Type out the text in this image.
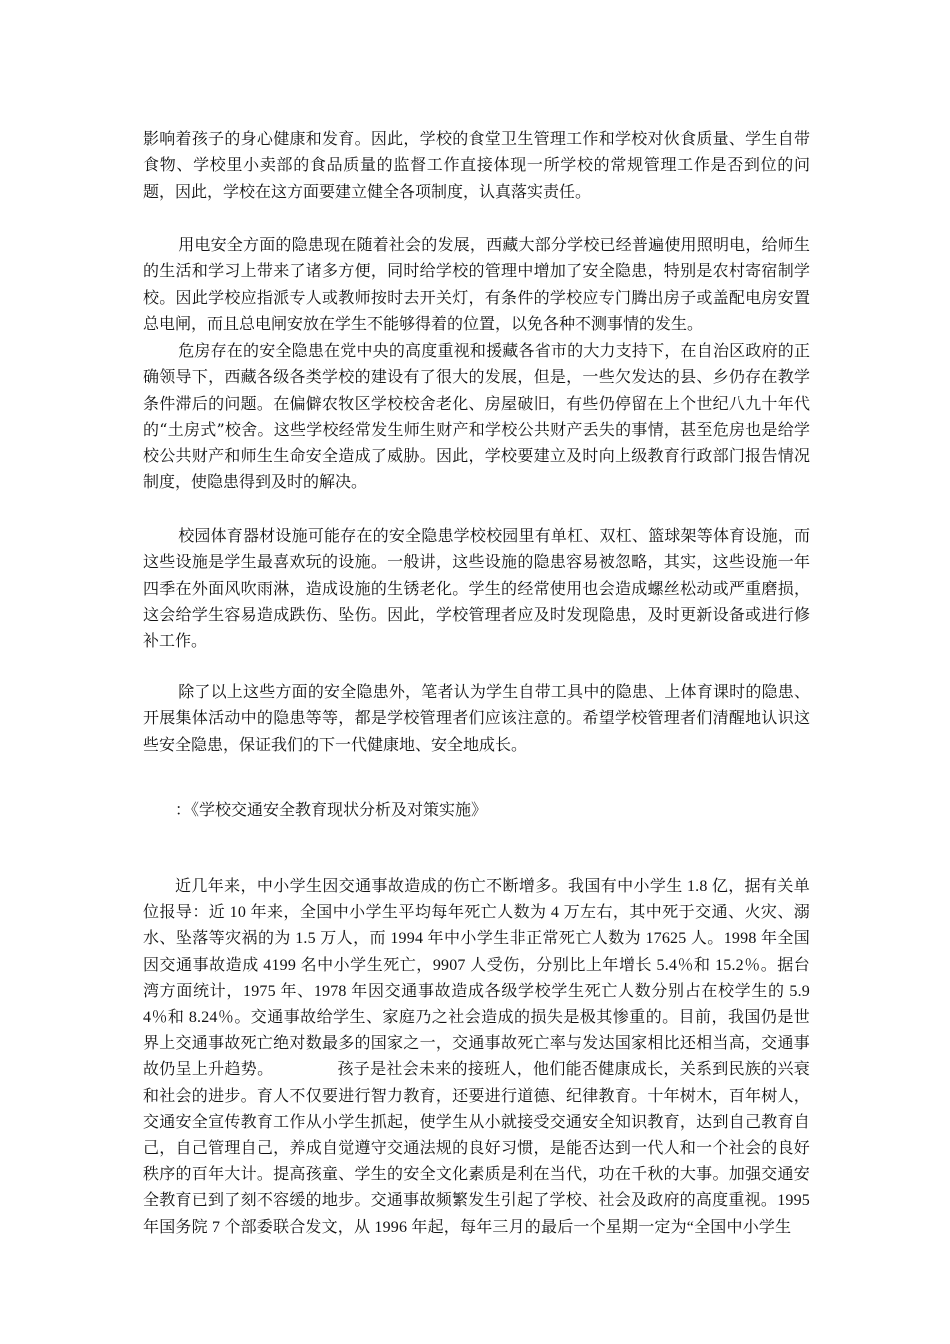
影响着孩子的身心健康和发育。因此，学校的食堂卫生管理工作和学校对伙食质量、学生自带食物、学校里小卖部的食品质量的监督工作直接体现一所学校的常规管理工作是否到位的问题，因此，学校在这方面要建立健全各项制度，认真落实责任。

用电安全方面的隐患现在随着社会的发展，西藏大部分学校已经普遍使用照明电，给师生的生活和学习上带来了诸多方便，同时给学校的管理中增加了安全隐患，特别是农村寄宿制学校。因此学校应指派专人或教师按时去开关灯，有条件的学校应专门腾出房子或盖配电房安置总电闸，而且总电闸安放在学生不能够得着的位置，以免各种不测事情的发生。

危房存在的安全隐患在党中央的高度重视和援藏各省市的大力支持下，在自治区政府的正确领导下，西藏各级各类学校的建设有了很大的发展，但是，一些欠发达的县、乡仍存在教学条件滞后的问题。在偏僻农牧区学校校舍老化、房屋破旧，有些仍停留在上个世纪八九十年代的“土房式”校舍。这些学校经常发生师生财产和学校公共财产丢失的事情，甚至危房也是给学校公共财产和师生生命安全造成了威胁。因此，学校要建立及时向上级教育行政部门报告情况制度，使隐患得到及时的解决。

校园体育器材设施可能存在的安全隐患学校校园里有单杠、双杠、篮球架等体育设施，而这些设施是学生最喜欢玩的设施。一般讲，这些设施的隐患容易被忽略，其实，这些设施一年四季在外面风吹雨淋，造成设施的生锈老化。学生的经常使用也会造成螺丝松动或严重磨损，这会给学生容易造成跌伤、坠伤。因此，学校管理者应及时发现隐患，及时更新设备或进行修补工作。

除了以上这些方面的安全隐患外，笔者认为学生自带工具中的隐患、上体育课时的隐患、开展集体活动中的隐患等等，都是学校管理者们应该注意的。希望学校管理者们清醒地认识这些安全隐患，保证我们的下一代健康地、安全地成长。

：《学校交通安全教育现状分析及对策实施》

近几年来，中小学生因交通事故造成的伤亡不断增多。我国有中小学生 1.8 亿，据有关单位报导：近 10 年来，全国中小学生平均每年死亡人数为 4 万左右，其中死于交通、火灾、溺水、坠落等灾祸的为 1.5 万人，而 1994 年中小学生非正常死亡人数为 17625 人。1998 年全国因交通事故造成 4199 名中小学生死亡，9907 人受伤，分别比上年增长 5.4％和 15.2％。据台湾方面统计，1975 年、1978 年因交通事故造成各级学校学生死亡人数分别占在校学生的 5.94％和 8.24％。交通事故给学生、家庭乃之社会造成的损失是极其惨重的。目前，我国仍是世界上交通事故死亡绝对数最多的国家之一，交通事故死亡率与发达国家相比还相当高，交通事故仍呈上升趋势。	孩子是社会未来的接班人，他们能否健康成长，关系到民族的兴衰和社会的进步。育人不仅要进行智力教育，还要进行道德、纪律教育。十年树木，百年树人，交通安全宣传教育工作从小学生抓起，使学生从小就接受交通安全知识教育，达到自己教育自己，自己管理自己，养成自觉遵守交通法规的良好习惯，是能否达到一代人和一个社会的良好秩序的百年大计。提高孩童、学生的安全文化素质是利在当代，功在千秋的大事。加强交通安全教育已到了刻不容缓的地步。交通事故频繁发生引起了学校、社会及政府的高度重视。1995 年国务院 7 个部委联合发文，从 1996 年起，每年三月的最后一个星期一定为“全国中小学生
